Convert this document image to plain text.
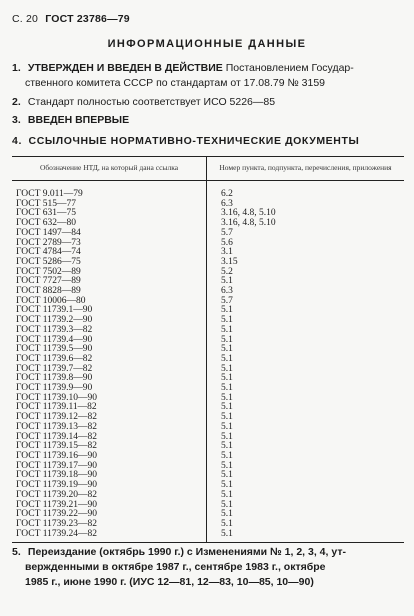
С. 20 ГОСТ 23786—79
ИНФОРМАЦИОННЫЕ ДАННЫЕ
1. УТВЕРЖДЕН И ВВЕДЕН В ДЕЙСТВИЕ Постановлением Государ-
ственного комитета СССР по стандартам от 17.08.79 № 3159
2. Стандарт полностью соответствует ИСО 5226—85
3. ВВЕДЕН ВПЕРВЫЕ
4. ССЫЛОЧНЫЕ НОРМАТИВНО-ТЕХНИЧЕСКИЕ ДОКУМЕНТЫ
Обозначение НТД, на который дана ссылка	Номер пункта, подпункта, перечисления, приложения
ГОСТ 9.011—79	6.2
ГОСТ 515—77	6.3
ГОСТ 631—75	3.16, 4.8, 5.10
ГОСТ 632—80	3.16, 4.8, 5.10
ГОСТ 1497—84	5.7
ГОСТ 2789—73	5.6
ГОСТ 4784—74	3.1
ГОСТ 5286—75	3.15
ГОСТ 7502—89	5.2
ГОСТ 7727—89	5.1
ГОСТ 8828—89	6.3
ГОСТ 10006—80	5.7
ГОСТ 11739.1—90	5.1
ГОСТ 11739.2—90	5.1
ГОСТ 11739.3—82	5.1
ГОСТ 11739.4—90	5.1
ГОСТ 11739.5—90	5.1
ГОСТ 11739.6—82	5.1
ГОСТ 11739.7—82	5.1
ГОСТ 11739.8—90	5.1
ГОСТ 11739.9—90	5.1
ГОСТ 11739.10—90	5.1
ГОСТ 11739.11—82	5.1
ГОСТ 11739.12—82	5.1
ГОСТ 11739.13—82	5.1
ГОСТ 11739.14—82	5.1
ГОСТ 11739.15—82	5.1
ГОСТ 11739.16—90	5.1
ГОСТ 11739.17—90	5.1
ГОСТ 11739.18—90	5.1
ГОСТ 11739.19—90	5.1
ГОСТ 11739.20—82	5.1
ГОСТ 11739.21—90	5.1
ГОСТ 11739.22—90	5.1
ГОСТ 11739.23—82	5.1
ГОСТ 11739.24—82	5.1
5. Переиздание (октябрь 1990 г.) с Изменениями № 1, 2, 3, 4, ут-
вержденными в октябре 1987 г., сентябре 1983 г., октябре
1985 г., июне 1990 г. (ИУС 12—81, 12—83, 10—85, 10—90)
